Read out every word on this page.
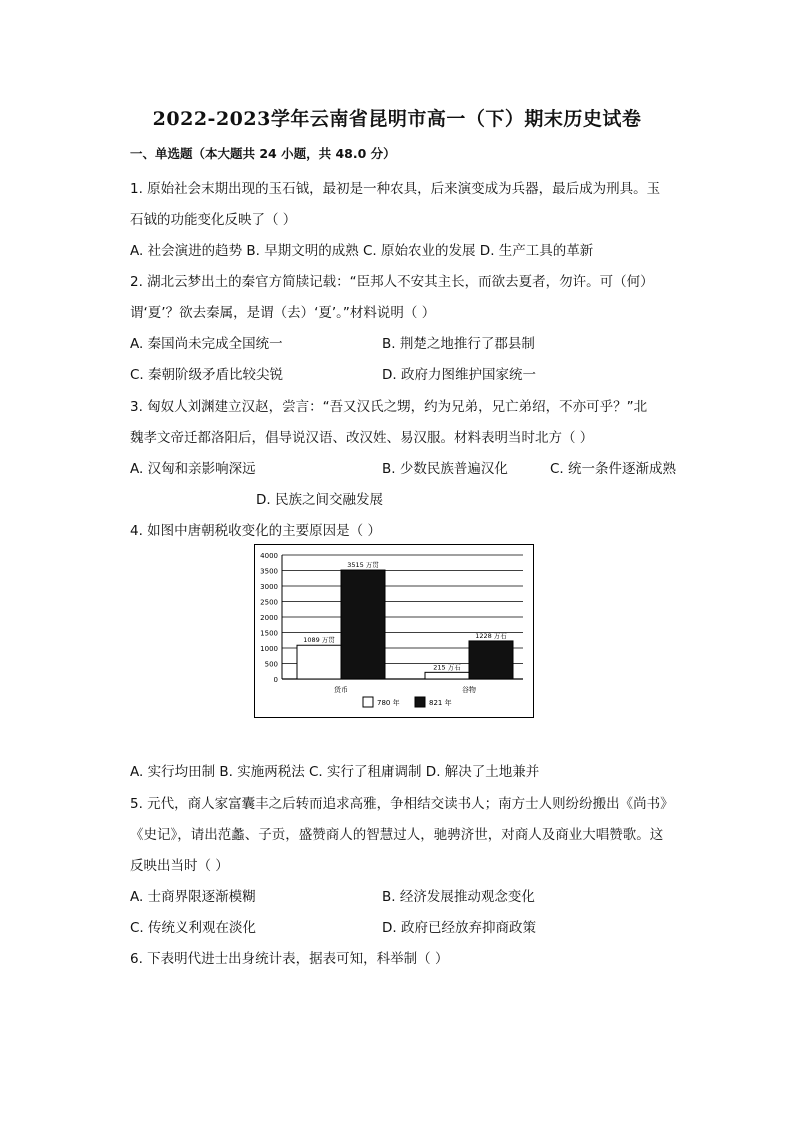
2022-2023学年云南省昆明市高一（下）期末历史试卷
一、单选题（本大题共 24 小题，共 48.0 分）
1. 原始社会末期出现的玉石钺，最初是一种农具，后来演变成为兵器，最后成为刑具。玉
石钺的功能变化反映了（ ）
A. 社会演进的趋势 B. 早期文明的成熟 C. 原始农业的发展 D. 生产工具的革新
2. 湖北云梦出土的秦官方简牍记载：“臣邦人不安其主长，而欲去夏者，勿许。可（何）
谓‘夏’？欲去秦属，是谓（去）‘夏’。”材料说明（ ）
A. 秦国尚未完成全国统一	B. 荆楚之地推行了郡县制
C. 秦朝阶级矛盾比较尖锐	D. 政府力图维护国家统一
3. 匈奴人刘渊建立汉赵，尝言：“吾又汉氏之甥，约为兄弟，兄亡弟绍，不亦可乎？”北
魏孝文帝迁都洛阳后，倡导说汉语、改汉姓、易汉服。材料表明当时北方（ ）
A. 汉匈和亲影响深远	B. 少数民族普遍汉化	C. 统一条件逐渐成熟
D. 民族之间交融发展
4. 如图中唐朝税收变化的主要原因是（ ）
0
500
1000
1500
2000
2500
3000
3500
4000
1089 万贯
3515 万贯
215 万石
1228 万石
货币	谷物
780 年	821 年
A. 实行均田制 B. 实施两税法 C. 实行了租庸调制 D. 解决了土地兼并
5. 元代，商人家富囊丰之后转而追求高雅，争相结交读书人；南方士人则纷纷搬出《尚书》
《史记》，请出范蠡、子贡，盛赞商人的智慧过人，驰骋济世，对商人及商业大唱赞歌。这
反映出当时（ ）
A. 士商界限逐渐模糊	B. 经济发展推动观念变化
C. 传统义利观在淡化	D. 政府已经放弃抑商政策
6. 下表明代进士出身统计表，据表可知，科举制（ ）
